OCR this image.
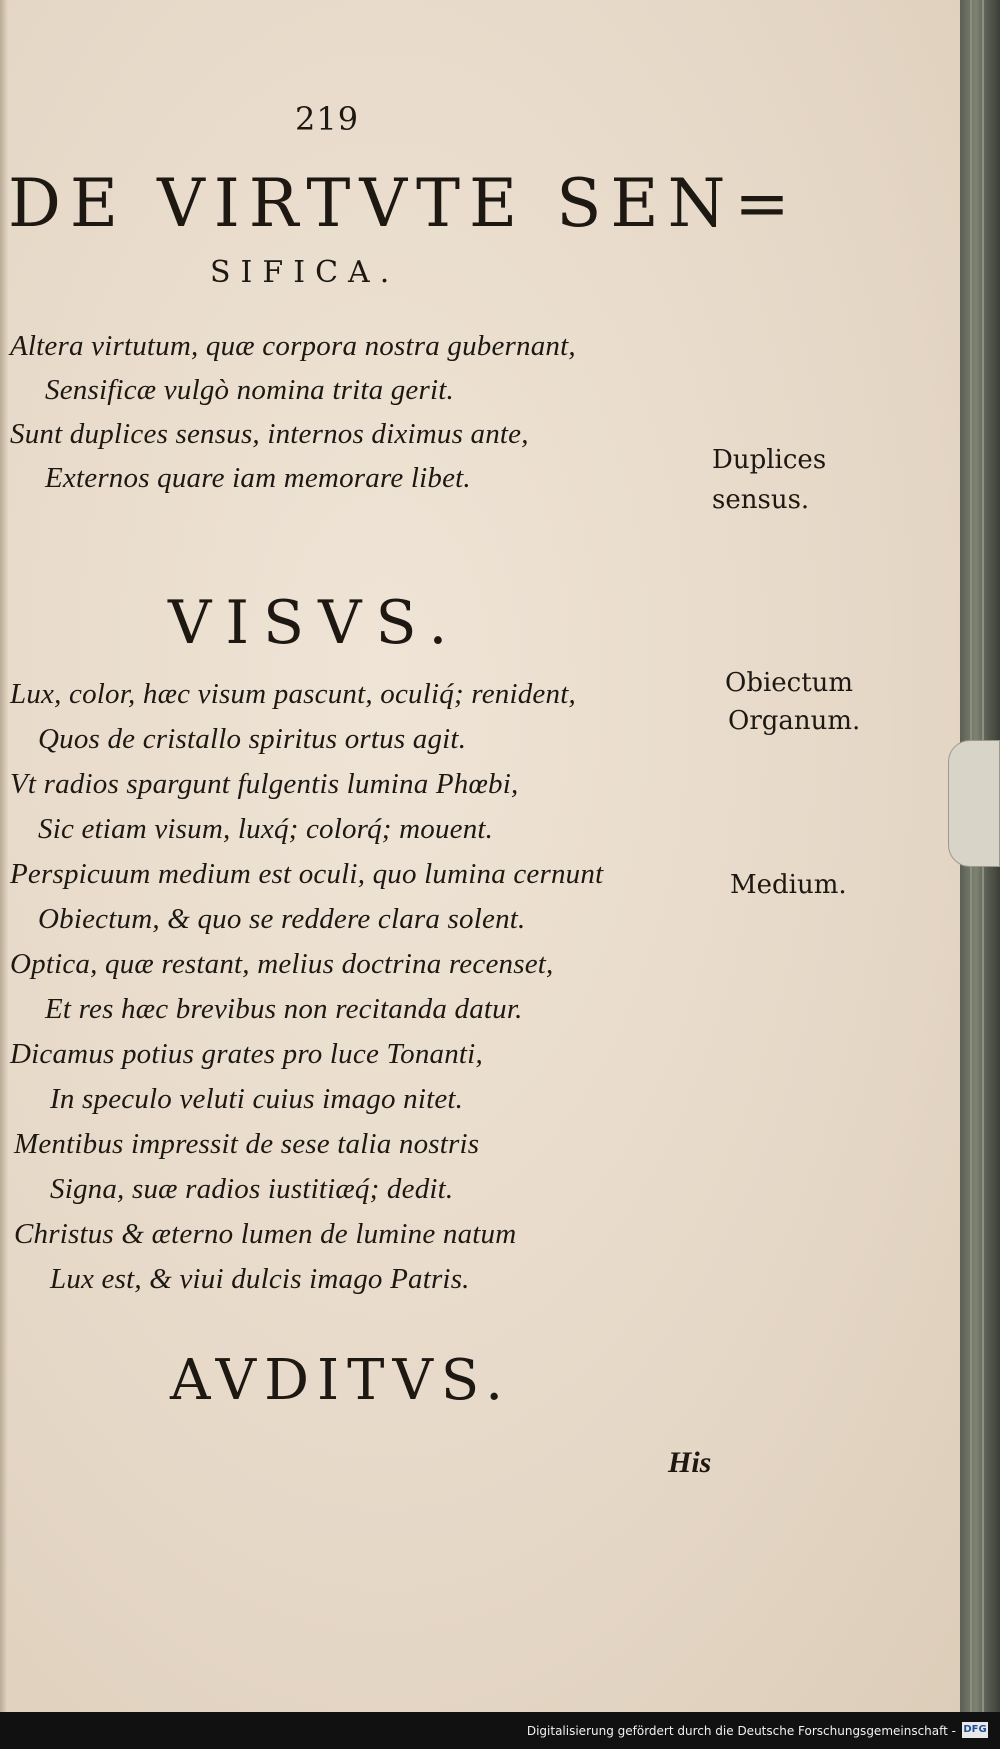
219
DE VIRTVTE SEN=
SIFICA.
Altera virtutum, quæ corpora nostra gubernant,
Sensificæ vulgò nomina trita gerit.
Sunt duplices sensus, internos diximus ante,
Externos quare iam memorare libet.
Duplices
sensus.
VISVS.
Lux, color, hæc visum pascunt, oculiq́; renident,
Quos de cristallo spiritus ortus agit.
Vt radios spargunt fulgentis lumina Phœbi,
Sic etiam visum, luxq́; colorq́; mouent.
Perspicuum medium est oculi, quo lumina cernunt
Obiectum, & quo se reddere clara solent.
Optica, quæ restant, melius doctrina recenset,
Et res hæc brevibus non recitanda datur.
Dicamus potius grates pro luce Tonanti,
In speculo veluti cuius imago nitet.
Mentibus impressit de sese talia nostris
Signa, suæ radios iustitiæq́; dedit.
Christus & æterno lumen de lumine natum
Lux est, & viui dulcis imago Patris.
Obiectum
Organum.
Medium.
AVDITVS.
His
Digitalisierung gefördert durch die Deutsche Forschungsgemeinschaft - DFG
